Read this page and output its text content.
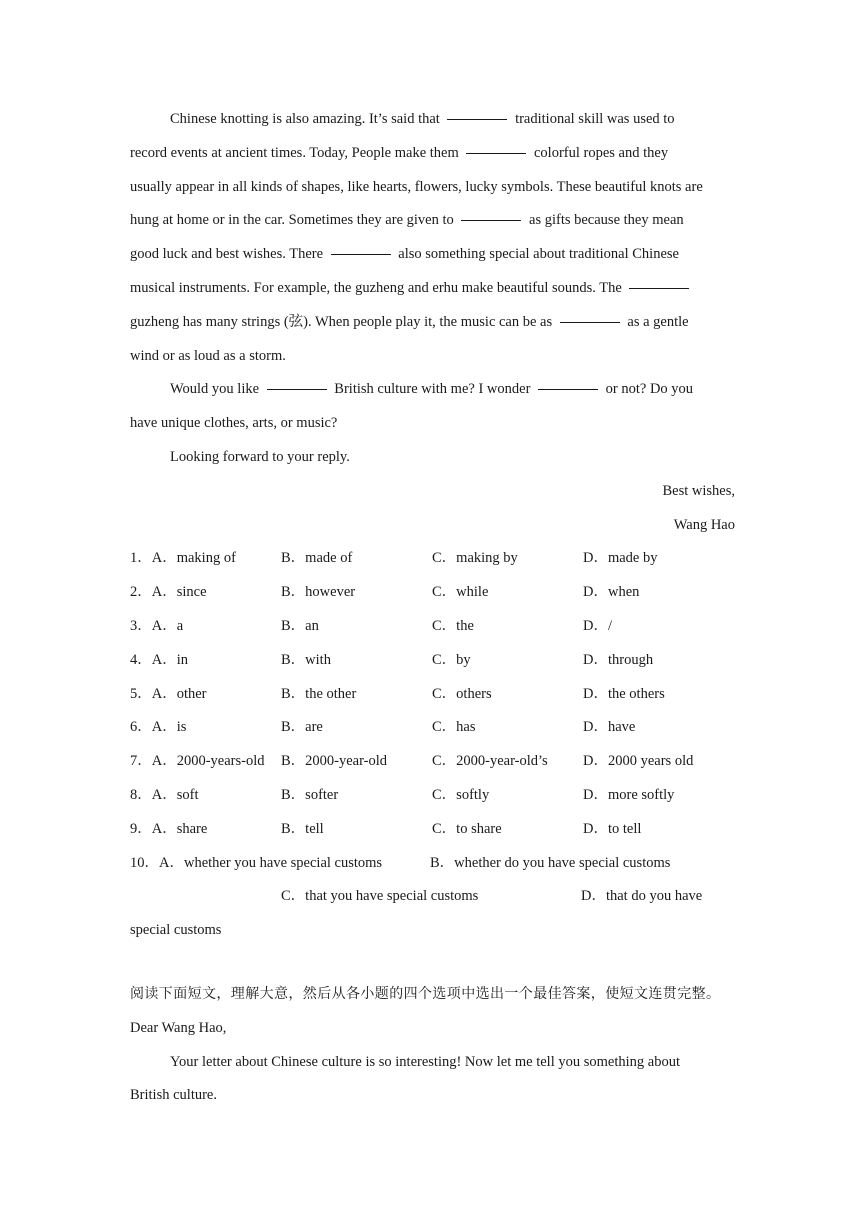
Chinese knotting is also amazing. It’s said that	traditional skill was used to
record events at ancient times. Today, People make them	colorful ropes and they
usually appear in all kinds of shapes, like hearts, flowers, lucky symbols. These beautiful knots are
hung at home or in the car. Sometimes they are given to	as gifts because they mean
good luck and best wishes. There	also something special about traditional Chinese
musical instruments. For example, the guzheng and erhu make beautiful sounds. The
guzheng has many strings (弦). When people play it, the music can be as	as a gentle
wind or as loud as a storm.
Would you like	British culture with me? I wonder	or not? Do you
have unique clothes, arts, or music?
Looking forward to your reply.
Best wishes,
Wang Hao
1．A．making of	B．made of	C．making by	D．made by
2．A．since	B．however	C．while	D．when
3．A．a	B．an	C．the	D．/
4．A．in	B．with	C．by	D．through
5．A．other	B．the other	C．others	D．the others
6．A．is	B．are	C．has	D．have
7．A．2000-years-old	B．2000-year-old	C．2000-year-old’s	D．2000 years old
8．A．soft	B．softer	C．softly	D．more softly
9．A．share	B．tell	C．to share	D．to tell
10．A．whether you have special customs	B．whether do you have special customs
C．that you have special customs	D．that do you have
special customs
阅读下面短文，理解大意，然后从各小题的四个选项中选出一个最佳答案，使短文连贯完整。
Dear Wang Hao,
Your letter about Chinese culture is so interesting! Now let me tell you something about
British culture.
